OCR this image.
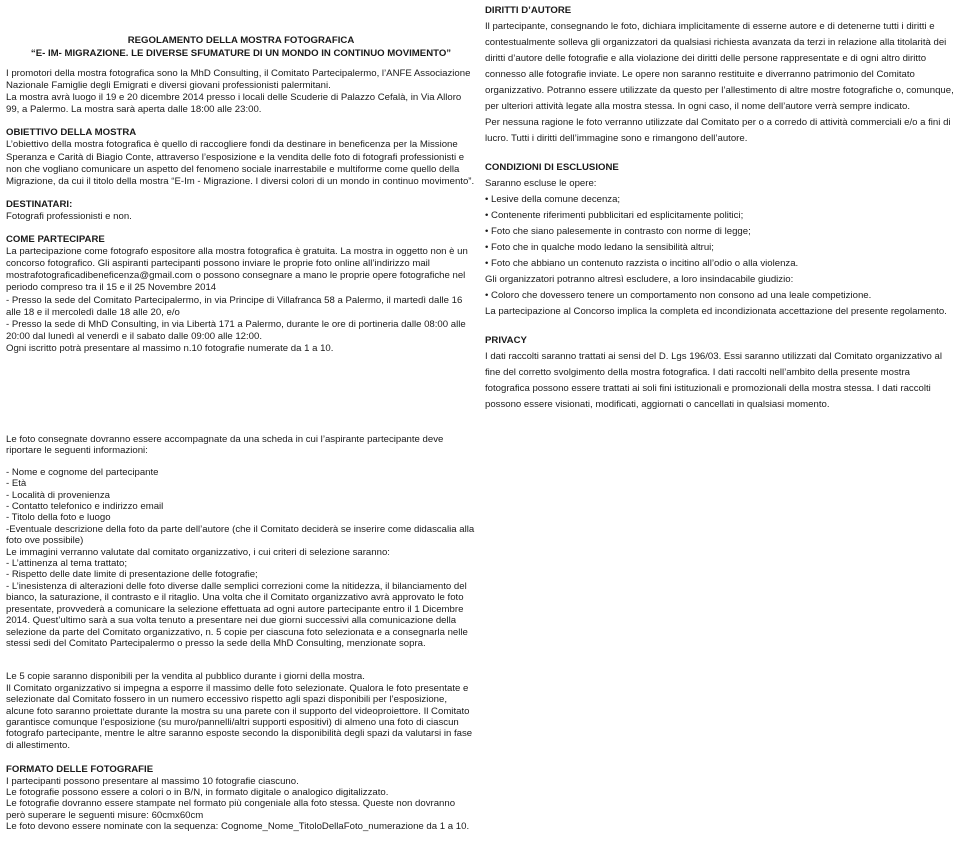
REGOLAMENTO DELLA MOSTRA FOTOGRAFICA

“E- IM- MIGRAZIONE. LE DIVERSE SFUMATURE DI UN MONDO IN CONTINUO MOVIMENTO”

I promotori della mostra fotografica sono la MhD Consulting, il Comitato Partecipalermo, l’ANFE Associazione Nazionale Famiglie degli Emigrati e diversi giovani professionisti palermitani.

La mostra avrà luogo il 19 e 20 dicembre 2014 presso i locali delle Scuderie di Palazzo Cefalà, in Via Alloro 99, a Palermo. La mostra sarà aperta dalle 18:00 alle 23:00.

OBIETTIVO DELLA MOSTRA

L’obiettivo della mostra fotografica è quello di raccogliere fondi da destinare in beneficenza per la Missione Speranza e Carità di Biagio Conte, attraverso l’esposizione e la vendita delle foto di fotografi professionisti e non che vogliano comunicare un aspetto del fenomeno sociale inarrestabile e multiforme come quello della Migrazione, da cui il titolo della mostra “E-Im - Migrazione. I diversi colori di un mondo in continuo movimento”.

DESTINATARI:

Fotografi professionisti e non.

COME PARTECIPARE

La partecipazione come fotografo espositore alla mostra fotografica è gratuita. La mostra in oggetto non è un concorso fotografico. Gli aspiranti partecipanti possono inviare le proprie foto online all’indirizzo mail mostrafotograficadibeneficenza@gmail.com o possono consegnare a mano le proprie opere fotografiche nel periodo compreso tra il 15 e il 25 Novembre 2014

- Presso la sede del Comitato Partecipalermo, in via Principe di Villafranca 58 a Palermo, il martedì dalle 16 alle 18 e il mercoledì dalle 18 alle 20, e/o

- Presso la sede di MhD Consulting, in via Libertà 171 a Palermo, durante le ore di portineria dalle 08:00 alle 20:00 dal lunedì al venerdì e il sabato dalle 09:00 alle 12:00.

Ogni iscritto potrà presentare al massimo n.10 fotografie numerate da 1 a 10.

Le foto consegnate dovranno essere accompagnate da una scheda in cui l’aspirante partecipante deve riportare le seguenti informazioni:

- Nome e cognome del partecipante

- Età

- Località di provenienza

- Contatto telefonico e indirizzo email

- Titolo della foto e luogo

-Eventuale descrizione della foto da parte dell’autore (che il Comitato deciderà se inserire come didascalia alla foto ove possibile)

Le immagini verranno valutate dal comitato organizzativo, i cui criteri di selezione saranno:

- L’attinenza al tema trattato;

- Rispetto delle date limite di presentazione delle fotografie;

- L’inesistenza di alterazioni delle foto diverse dalle semplici correzioni come la nitidezza, il bilanciamento del bianco, la saturazione, il contrasto e il ritaglio. Una volta che il Comitato organizzativo avrà approvato le foto presentate, provvederà a comunicare la selezione effettuata ad ogni autore partecipante entro il 1 Dicembre 2014. Quest’ultimo sarà a sua volta tenuto a presentare nei due giorni successivi alla comunicazione della selezione da parte del Comitato organizzativo, n. 5 copie per ciascuna foto selezionata e a consegnarla nelle stessi sedi del Comitato Partecipalermo o presso la sede della MhD Consulting, menzionate sopra.

Le 5 copie saranno disponibili per la vendita al pubblico durante i giorni della mostra.

Il Comitato organizzativo si impegna a esporre il massimo delle foto selezionate. Qualora le foto presentate e selezionate dal Comitato fossero in un numero eccessivo rispetto agli spazi disponibili per l’esposizione, alcune foto saranno proiettate durante la mostra su una parete con il supporto del videoproiettore. Il Comitato garantisce comunque l’esposizione (su muro/pannelli/altri supporti espositivi) di almeno una foto di ciascun fotografo partecipante, mentre le altre saranno esposte secondo la disponibilità degli spazi da valutarsi in fase di allestimento.

FORMATO DELLE FOTOGRAFIE

I partecipanti possono presentare al massimo 10 fotografie ciascuno.

Le fotografie possono essere a colori o in B/N, in formato digitale o analogico digitalizzato.

Le fotografie dovranno essere stampate nel formato più congeniale alla foto stessa. Queste non dovranno però superare le seguenti misure: 60cmx60cm

Le foto devono essere nominate con la sequenza: Cognome_Nome_TitoloDellaFoto_numerazione da 1 a 10.

DIRITTI D’AUTORE

Il partecipante, consegnando le foto, dichiara implicitamente di esserne autore e di detenerne tutti i diritti e contestualmente solleva gli organizzatori da qualsiasi richiesta avanzata da terzi in relazione alla titolarità dei diritti d’autore delle fotografie e alla violazione dei diritti delle persone rappresentate e di ogni altro diritto connesso alle fotografie inviate. Le opere non saranno restituite e diverranno patrimonio del Comitato organizzativo. Potranno essere utilizzate da questo per l’allestimento di altre mostre fotografiche o, comunque, per ulteriori attività legate alla mostra stessa. In ogni caso, il nome dell’autore verrà sempre indicato.

Per nessuna ragione le foto verranno utilizzate dal Comitato per o a corredo di attività commerciali e/o a fini di lucro. Tutti i diritti dell’immagine sono e rimangono dell’autore.

CONDIZIONI DI ESCLUSIONE

Saranno escluse le opere:

• Lesive della comune decenza;

• Contenente riferimenti pubblicitari ed esplicitamente politici;

• Foto che siano palesemente in contrasto con norme di legge;

• Foto che in qualche modo ledano la sensibilità altrui;

• Foto che abbiano un contenuto razzista o incitino all’odio o alla violenza.

Gli organizzatori potranno altresì escludere, a loro insindacabile giudizio:

• Coloro che dovessero tenere un comportamento non consono ad una leale competizione.

La partecipazione al Concorso implica la completa ed incondizionata accettazione del presente regolamento.

PRIVACY

I dati raccolti saranno trattati ai sensi del D. Lgs 196/03. Essi saranno utilizzati dal Comitato organizzativo al fine del corretto svolgimento della mostra fotografica. I dati raccolti nell’ambito della presente mostra fotografica possono essere trattati ai soli fini istituzionali e promozionali della mostra stessa. I dati raccolti possono essere visionati, modificati, aggiornati o cancellati in qualsiasi momento.
